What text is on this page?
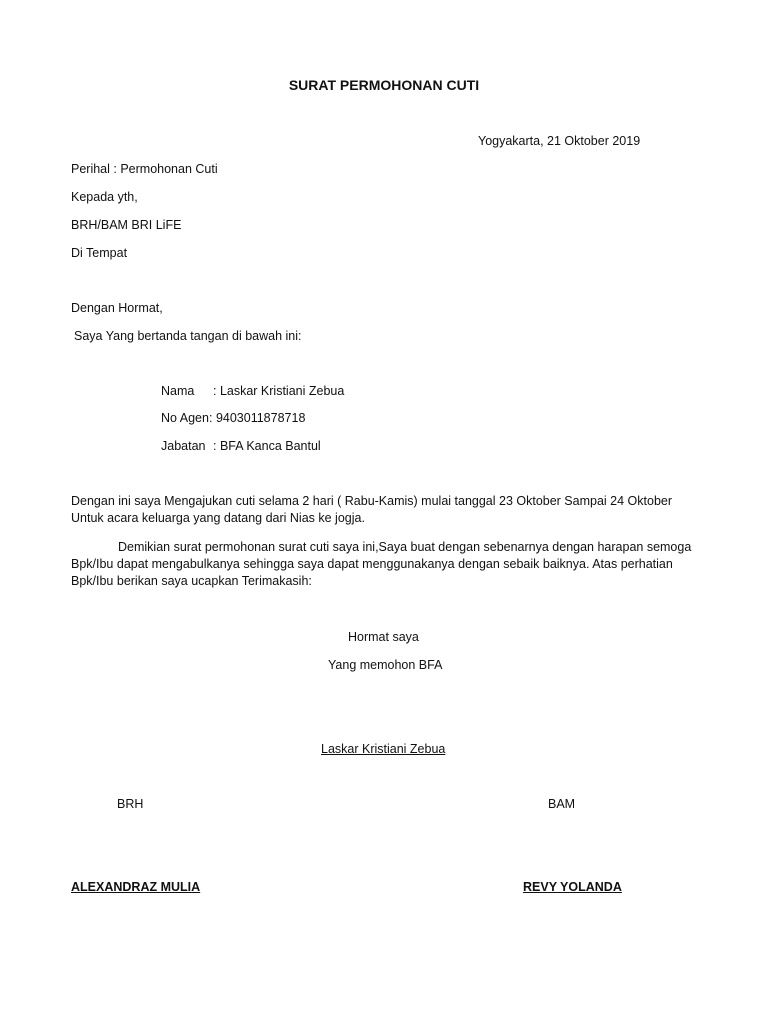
SURAT PERMOHONAN CUTI
Yogyakarta, 21 Oktober 2019
Perihal : Permohonan Cuti
Kepada yth,
BRH/BAM BRI LiFE
Di Tempat
Dengan Hormat,
Saya Yang bertanda tangan di bawah ini:
Nama : Laskar Kristiani Zebua
No Agen : 9403011878718
Jabatan : BFA Kanca Bantul
Dengan ini saya Mengajukan cuti selama 2 hari ( Rabu-Kamis) mulai tanggal 23 Oktober Sampai 24 Oktober
Untuk acara keluarga yang datang dari Nias ke jogja.
Demikian surat permohonan surat cuti saya ini,Saya buat dengan sebenarnya dengan harapan semoga
Bpk/Ibu dapat mengabulkanya sehingga saya dapat menggunakanya dengan sebaik baiknya. Atas perhatian
Bpk/Ibu berikan saya ucapkan Terimakasih:
Hormat saya
Yang memohon BFA
Laskar Kristiani Zebua
BRH	BAM
ALEXANDRAZ MULIA	REVY YOLANDA
